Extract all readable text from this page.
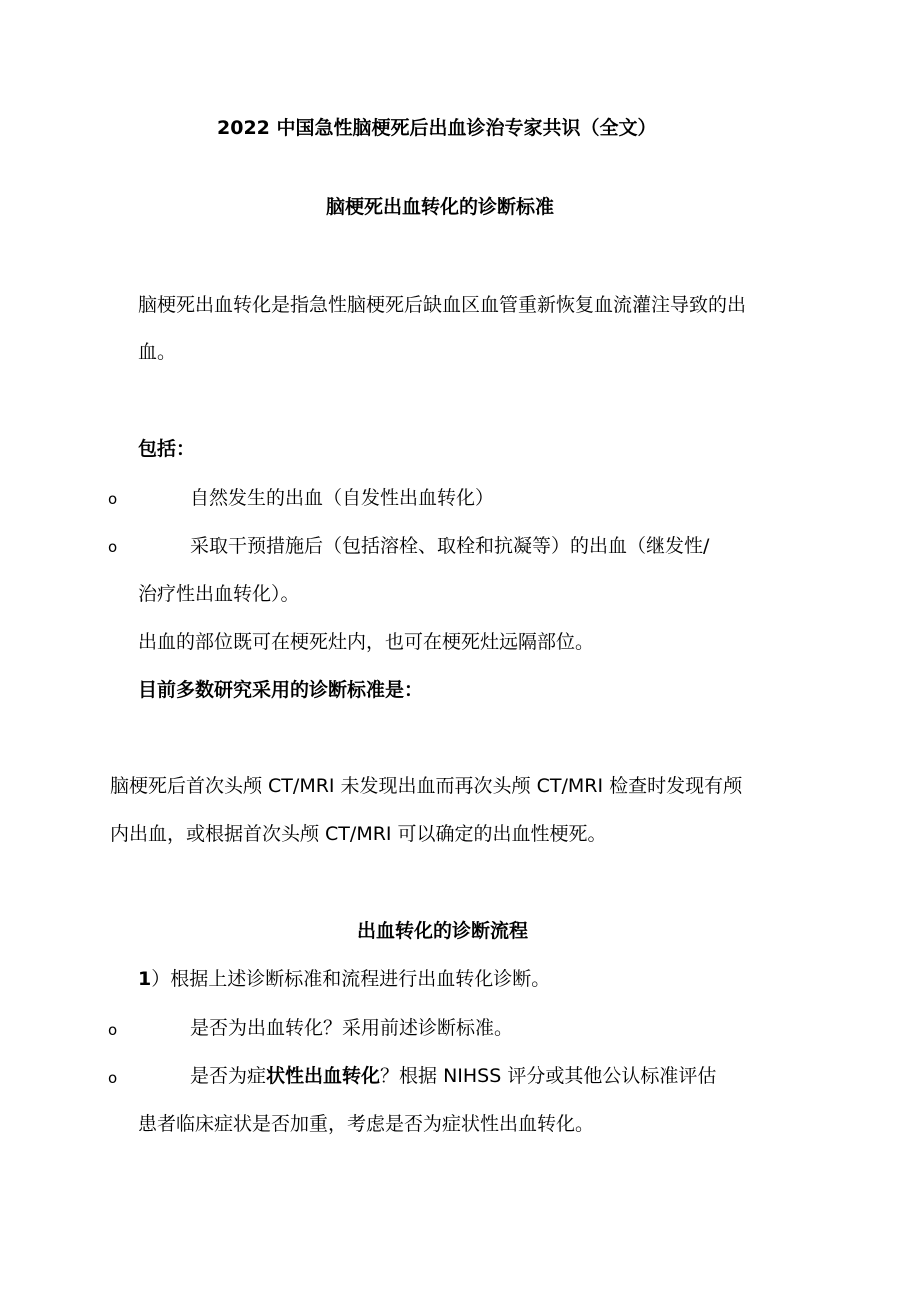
2022 中国急性脑梗死后出血诊治专家共识（全文）
脑梗死出血转化的诊断标准
脑梗死出血转化是指急性脑梗死后缺血区血管重新恢复血流灌注导致的出
血。
包括：
o	自然发生的出血（自发性出血转化）
o	采取干预措施后（包括溶栓、取栓和抗凝等）的出血（继发性/
治疗性出血转化）。
出血的部位既可在梗死灶内，也可在梗死灶远隔部位。
目前多数研究采用的诊断标准是：
脑梗死后首次头颅 CT/MRI 未发现出血而再次头颅 CT/MRI 检查时发现有颅
内出血，或根据首次头颅 CT/MRI 可以确定的出血性梗死。
出血转化的诊断流程
1）根据上述诊断标准和流程进行出血转化诊断。
o	是否为出血转化？采用前述诊断标准。
o	是否为症状性出血转化？根据 NIHSS 评分或其他公认标准评估
患者临床症状是否加重，考虑是否为症状性出血转化。
